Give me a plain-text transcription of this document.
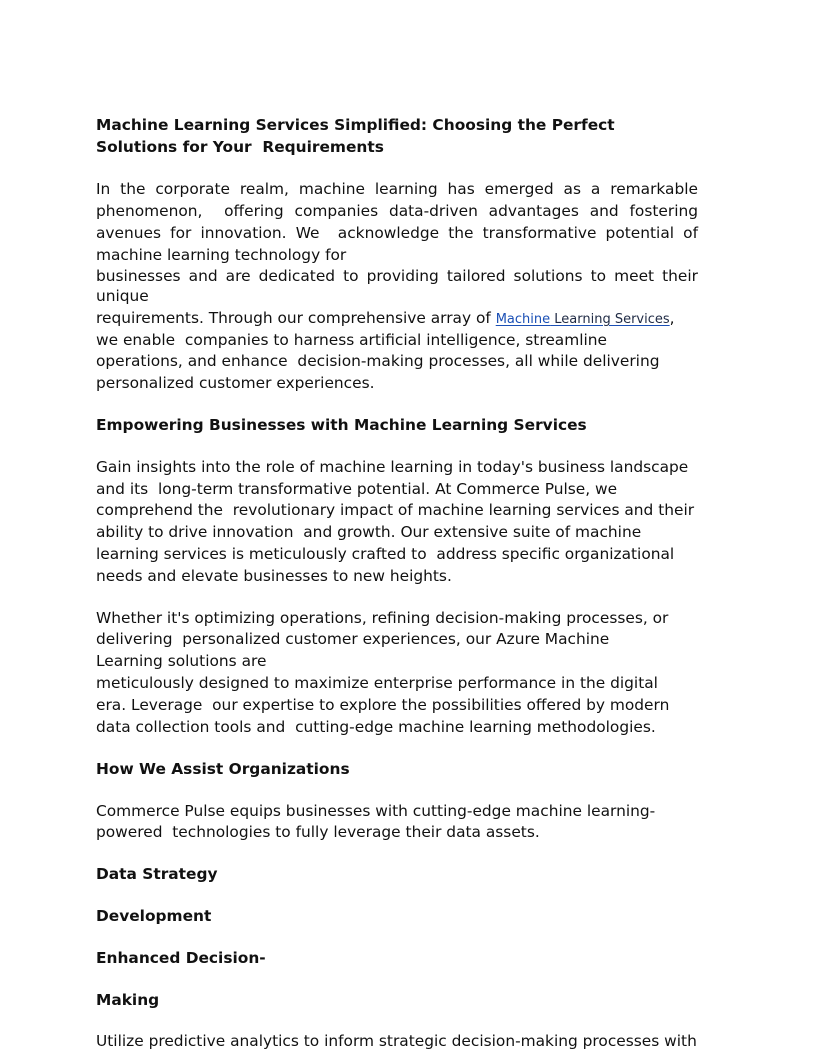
Machine Learning Services Simplified: Choosing the Perfect
Solutions for Your  Requirements
In the corporate realm, machine learning has emerged as a remarkable
phenomenon,  offering companies data-driven advantages and fostering
avenues for innovation. We  acknowledge the transformative potential of
machine learning technology for
businesses and are dedicated to providing tailored solutions to meet their
unique
requirements. Through our comprehensive array of Machine Learning Services,
we enable  companies to harness artificial intelligence, streamline
operations, and enhance  decision-making processes, all while delivering
personalized customer experiences.
Empowering Businesses with Machine Learning Services
Gain insights into the role of machine learning in today's business landscape
and its  long-term transformative potential. At Commerce Pulse, we
comprehend the  revolutionary impact of machine learning services and their
ability to drive innovation  and growth. Our extensive suite of machine
learning services is meticulously crafted to  address specific organizational
needs and elevate businesses to new heights.
Whether it's optimizing operations, refining decision-making processes, or
delivering  personalized customer experiences, our Azure Machine
Learning solutions are
meticulously designed to maximize enterprise performance in the digital
era. Leverage  our expertise to explore the possibilities offered by modern
data collection tools and  cutting-edge machine learning methodologies.
How We Assist Organizations
Commerce Pulse equips businesses with cutting-edge machine learning-
powered  technologies to fully leverage their data assets.
Data Strategy
Development
Enhanced Decision-
Making
Utilize predictive analytics to inform strategic decision-making processes with
